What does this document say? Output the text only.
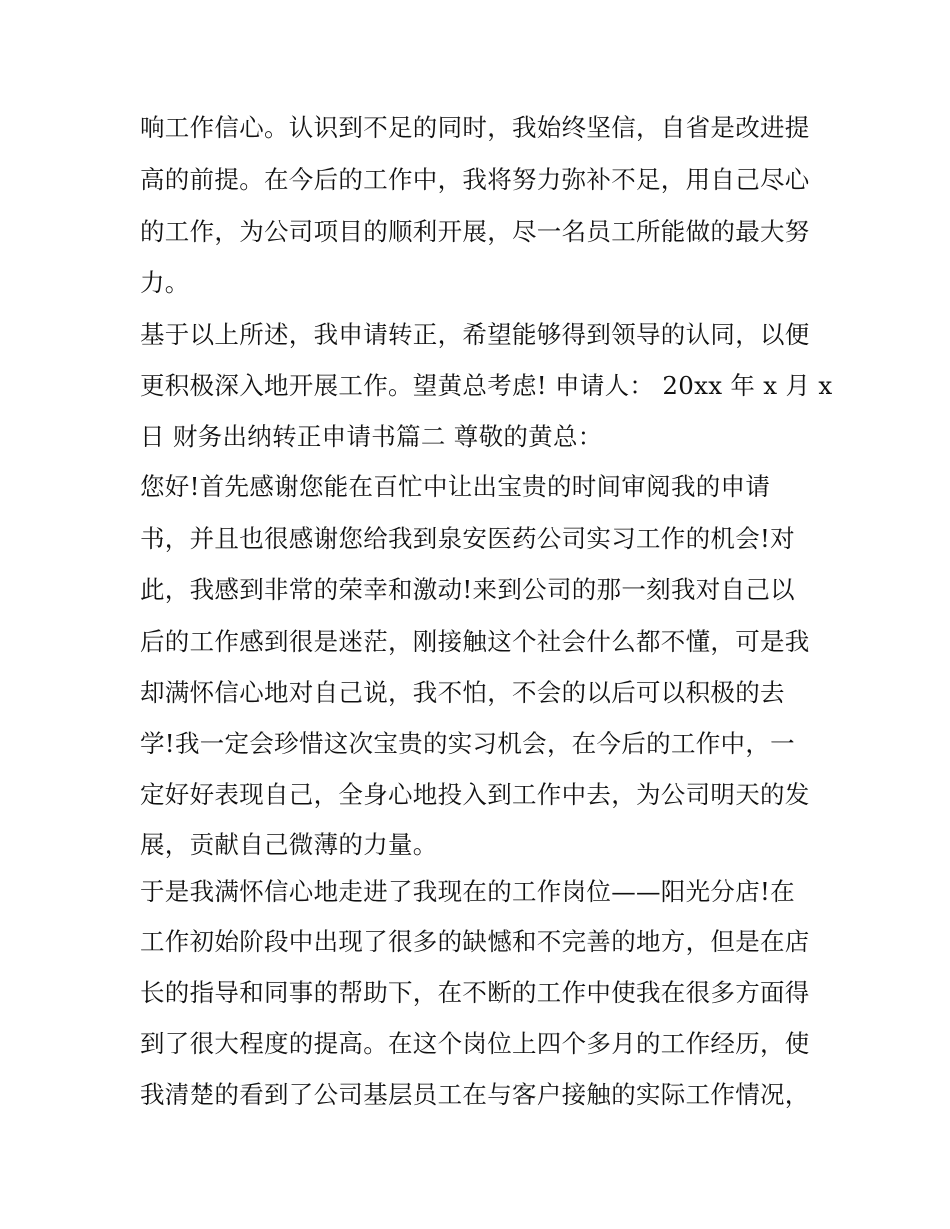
响工作信心。认识到不足的同时，我始终坚信，自省是改进提
高的前提。在今后的工作中，我将努力弥补不足，用自己尽心
的工作，为公司项目的顺利开展，尽一名员工所能做的最大努
力。
基于以上所述，我申请转正，希望能够得到领导的认同，以便
更积极深入地开展工作。望黄总考虑! 申请人： 20xx 年 x 月 x
日 财务出纳转正申请书篇二 尊敬的黄总：
您好!首先感谢您能在百忙中让出宝贵的时间审阅我的申请
书，并且也很感谢您给我到泉安医药公司实习工作的机会!对
此，我感到非常的荣幸和激动!来到公司的那一刻我对自己以
后的工作感到很是迷茫，刚接触这个社会什么都不懂，可是我
却满怀信心地对自己说，我不怕，不会的以后可以积极的去
学!我一定会珍惜这次宝贵的实习机会，在今后的工作中，一
定好好表现自己，全身心地投入到工作中去，为公司明天的发
展，贡献自己微薄的力量。
于是我满怀信心地走进了我现在的工作岗位——阳光分店!在
工作初始阶段中出现了很多的缺憾和不完善的地方，但是在店
长的指导和同事的帮助下，在不断的工作中使我在很多方面得
到了很大程度的提高。在这个岗位上四个多月的工作经历，使
我清楚的看到了公司基层员工在与客户接触的实际工作情况，
